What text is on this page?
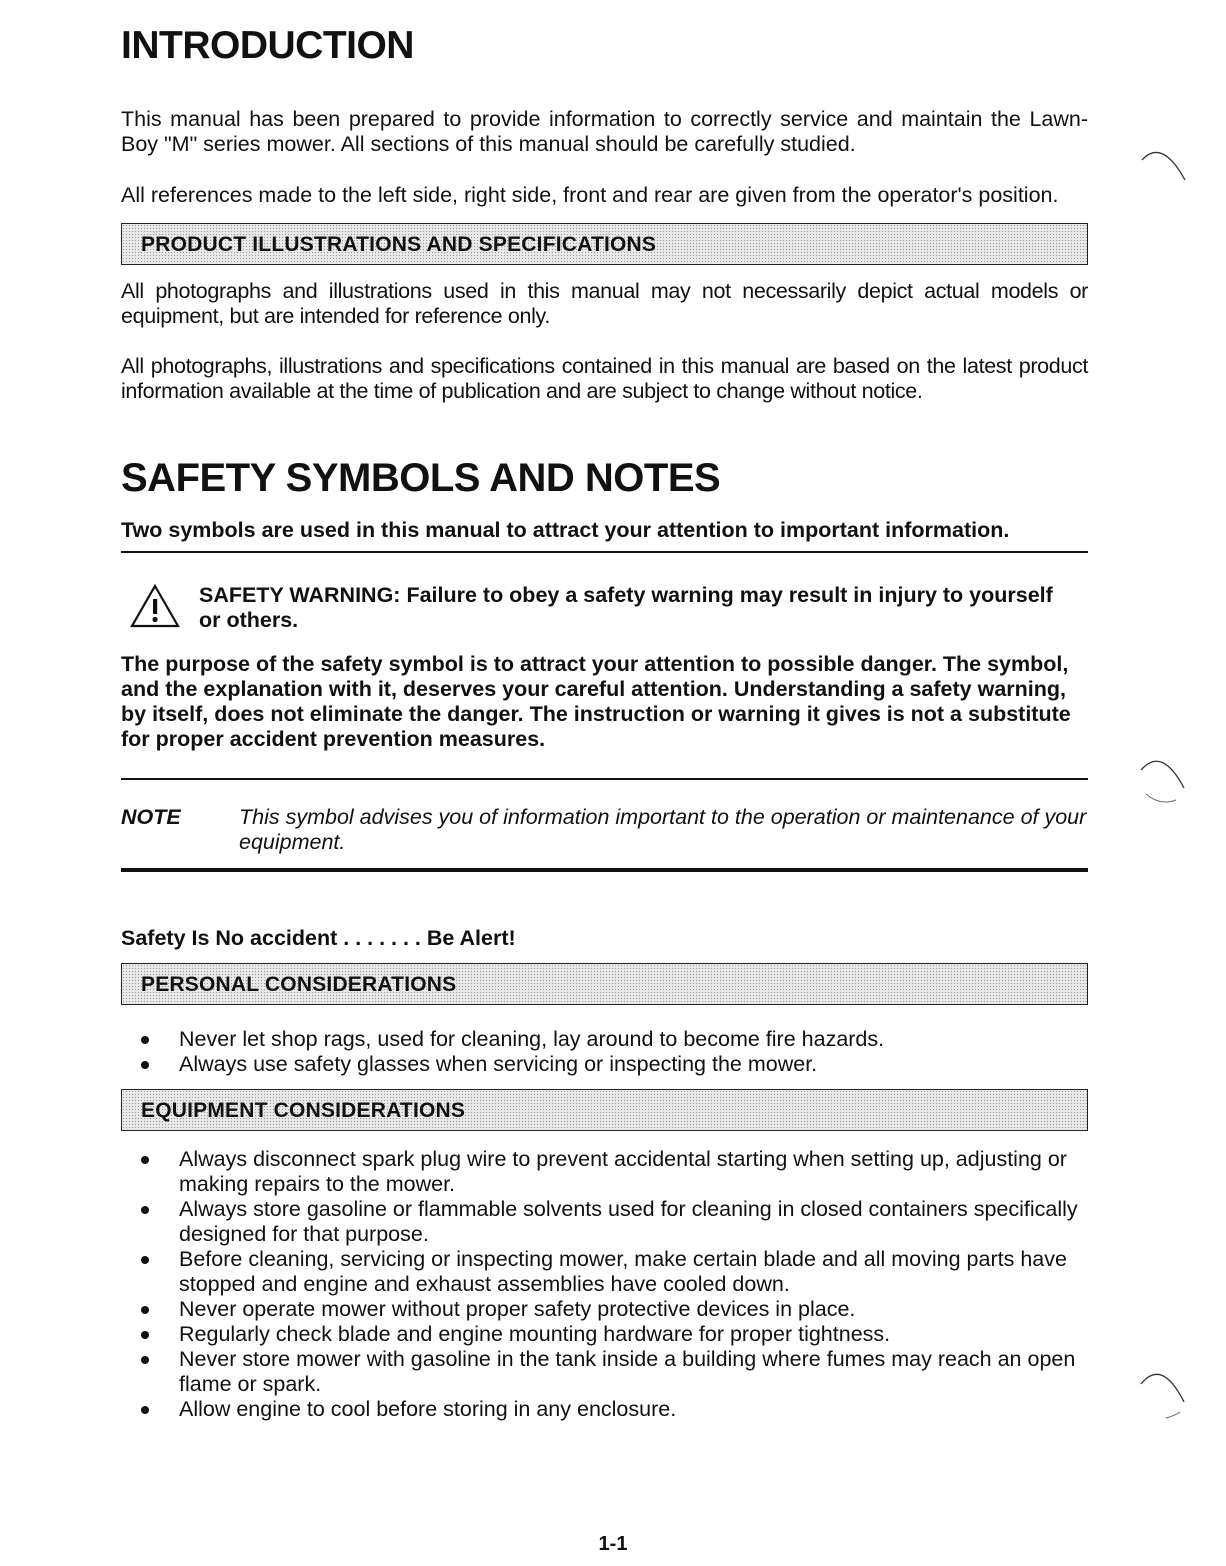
INTRODUCTION

This manual has been prepared to provide information to correctly service and maintain the Lawn-Boy "M" series mower. All sections of this manual should be carefully studied.

All references made to the left side, right side, front and rear are given from the operator's position.

PRODUCT ILLUSTRATIONS AND SPECIFICATIONS

All photographs and illustrations used in this manual may not necessarily depict actual models or equipment, but are intended for reference only.

All photographs, illustrations and specifications contained in this manual are based on the latest product information available at the time of publication and are subject to change without notice.

SAFETY SYMBOLS AND NOTES

Two symbols are used in this manual to attract your attention to important information.

SAFETY WARNING: Failure to obey a safety warning may result in injury to yourself or others.

The purpose of the safety symbol is to attract your attention to possible danger. The symbol, and the explanation with it, deserves your careful attention. Understanding a safety warning, by itself, does not eliminate the danger. The instruction or warning it gives is not a substitute for proper accident prevention measures.

NOTE	This symbol advises you of information important to the operation or maintenance of your equipment.

Safety Is No accident . . . . . . . Be Alert!

PERSONAL CONSIDERATIONS
Never let shop rags, used for cleaning, lay around to become fire hazards.
Always use safety glasses when servicing or inspecting the mower.
EQUIPMENT CONSIDERATIONS
Always disconnect spark plug wire to prevent accidental starting when setting up, adjusting or making repairs to the mower.
Always store gasoline or flammable solvents used for cleaning in closed containers specifically designed for that purpose.
Before cleaning, servicing or inspecting mower, make certain blade and all moving parts have stopped and engine and exhaust assemblies have cooled down.
Never operate mower without proper safety protective devices in place.
Regularly check blade and engine mounting hardware for proper tightness.
Never store mower with gasoline in the tank inside a building where fumes may reach an open flame or spark.
Allow engine to cool before storing in any enclosure.
1-1
